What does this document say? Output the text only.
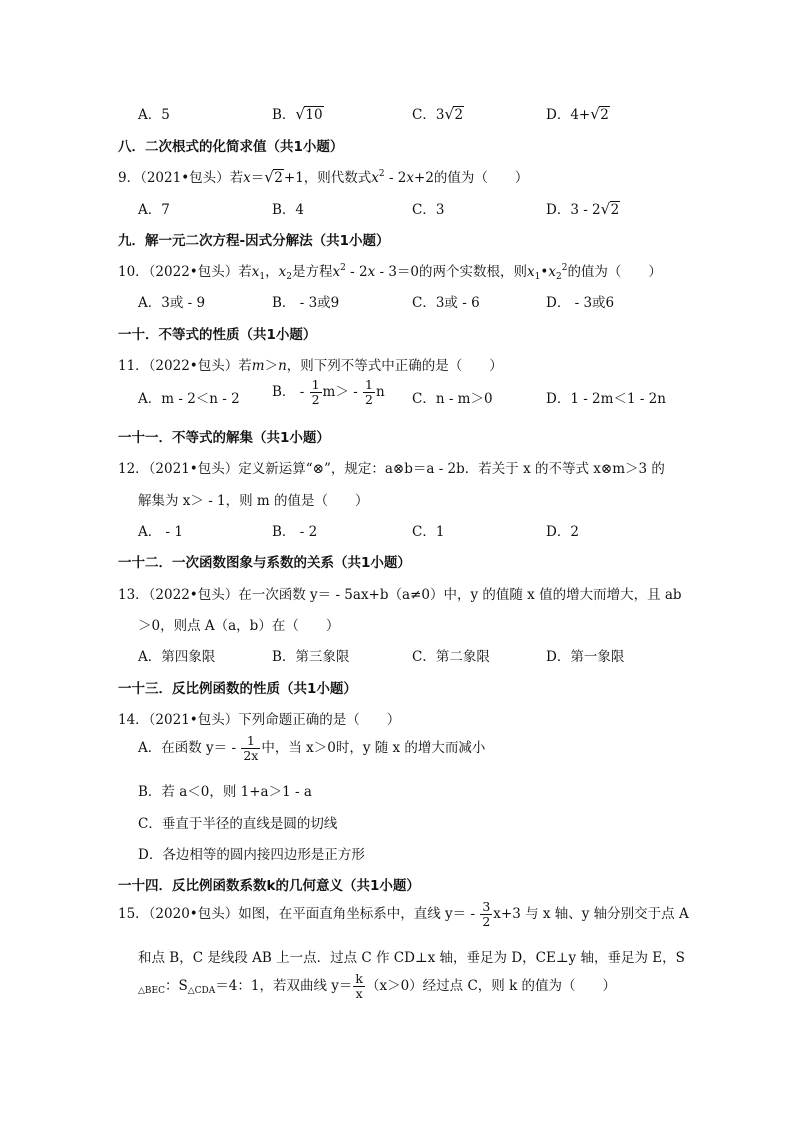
A．5	B． √ 10	C．3 √ 2	D．4+ √ 2
八．二次根式的化简求值（共1小题）
9．（2021•包头）若x＝ √ 2+1，则代数式$x^2 - 2x+2$的值为（　　）
A．7	B．4	C．3	D．3 - 2 √ 2
九．解一元二次方程-因式分解法（共1小题）
10．（2022•包头）若$x_1$，$x_2$是方程$x^2 - 2x - 3=0$的两个实数根，则$x_1•x_2^2$的值为（　　）
A．3或 - 9	B． - 3或9	C．3或 - 6	D． - 3或6
一十．不等式的性质（共1小题）
11．（2022•包头）若m＞n，则下列不等式中正确的是（　　）
A．m - 2＜n - 2 B． - $\frac{1}{2} m> - \frac{1}{2}$ n C．n - m＞0	D．1 - 2m＜1 - 2n
一十一．不等式的解集（共1小题）
12．（2021•包头）定义新运算“⊗”，规定：a⊗b＝a - 2b．若关于 x 的不等式 x⊗m＞3 的
解集为 x＞ - 1，则 m 的值是（　　）
A． - 1	B． - 2	C．1	D．2
一十二．一次函数图象与系数的关系（共1小题）
13．（2022•包头）在一次函数 y＝ - 5ax+b（a≠0）中，y 的值随 x 值的增大而增大，且 ab
＞0，则点 A（a，b）在（　　）
A．第四象限	B．第三象限	C．第二象限	D．第一象限
一十三．反比例函数的性质（共1小题）
14．（2021•包头）下列命题正确的是（　　）
A．在函数 $y= - \frac{1}{2x}$ 中，当 x＞0时，y 随 x 的增大而减小
B．若 a＜0，则 1+a＞1 - a
C．垂直于半径的直线是圆的切线
D．各边相等的圆内接四边形是正方形
一十四．反比例函数系数k的几何意义（共1小题）
15．（2020•包头）如图，在平面直角坐标系中，直线 $y= - \frac{3}{2} x+3$ 与 x 轴、y 轴分别交于点 A
和点 B，C 是线段 AB 上一点．过点 C 作 CD⊥x 轴，垂足为 D，CE⊥y 轴，垂足为 E，S
$_{\triangle BEC}$：$S_{\triangle CDA}=4$：1，若双曲线 $y= \frac{k}{x} (x>0)$经过点 C，则 k 的值为（　　）
